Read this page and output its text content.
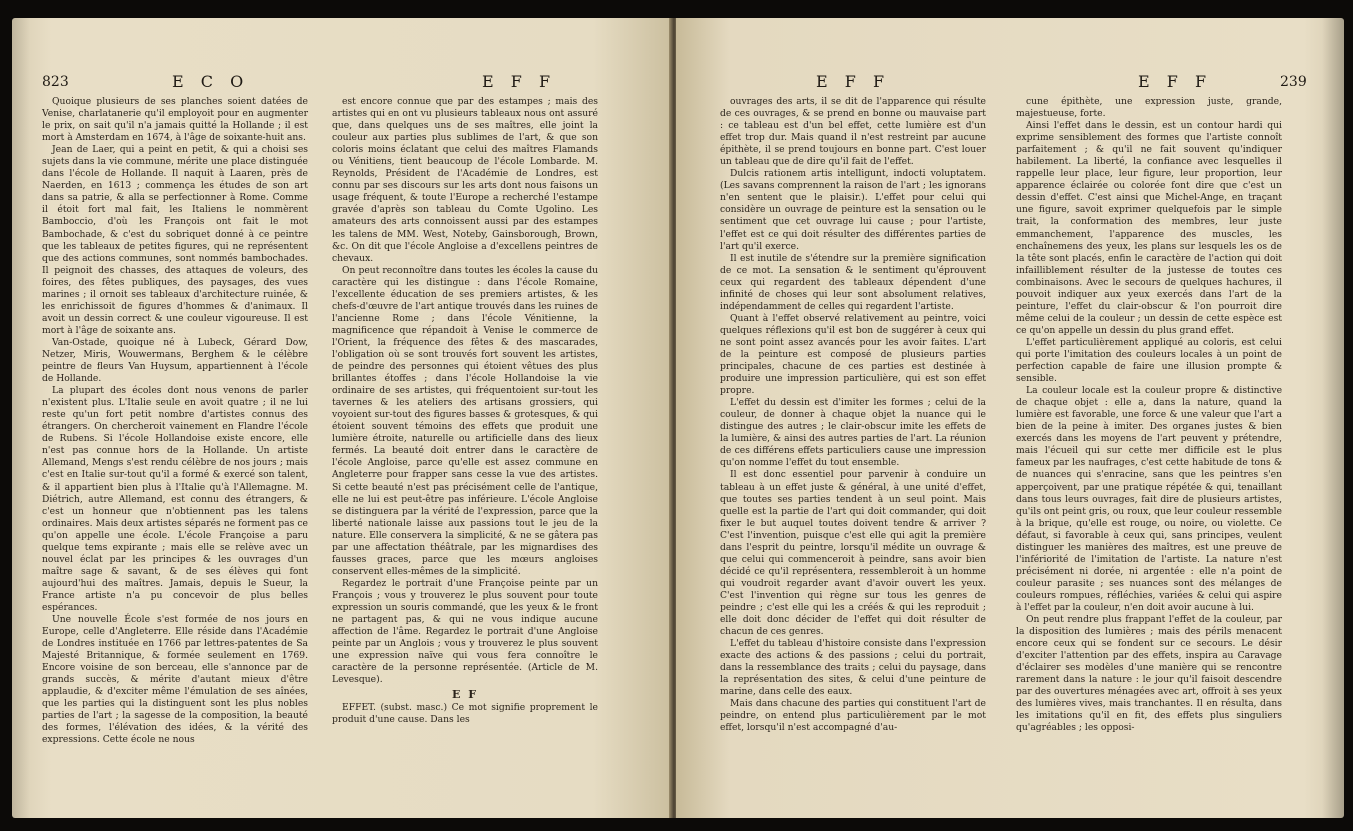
823	E C O	E F F

Quoique plusieurs de ses planches soient datées de Venise, charlatanerie qu'il employoit pour en augmenter le prix, on sait qu'il n'a jamais quitté la Hollande ; il est mort à Amsterdam en 1674, à l'âge de soixante-huit ans.

Jean de Laer, qui a peint en petit, & qui a choisi ses sujets dans la vie commune, mérite une place distinguée dans l'école de Hollande. Il naquit à Laaren, près de Naerden, en 1613 ; commença les études de son art dans sa patrie, & alla se perfectionner à Rome. Comme il étoit fort mal fait, les Italiens le nommèrent Bamboccio, d'où les François ont fait le mot Bambochade, & c'est du sobriquet donné à ce peintre que les tableaux de petites figures, qui ne représentent que des actions communes, sont nommés bambochades. Il peignoit des chasses, des attaques de voleurs, des foires, des fêtes publiques, des paysages, des vues marines ; il ornoit ses tableaux d'architecture ruinée, & les enrichissoit de figures d'hommes & d'animaux. Il avoit un dessin correct & une couleur vigoureuse. Il est mort à l'âge de soixante ans.

Van-Ostade, quoique né à Lubeck, Gérard Dow, Netzer, Miris, Wouwermans, Berghem & le célèbre peintre de fleurs Van Huysum, appartiennent à l'école de Hollande.

La plupart des écoles dont nous venons de parler n'existent plus. L'Italie seule en avoit quatre ; il ne lui reste qu'un fort petit nombre d'artistes connus des étrangers. On chercheroit vainement en Flandre l'école de Rubens. Si l'école Hollandoise existe encore, elle n'est pas connue hors de la Hollande. Un artiste Allemand, Mengs s'est rendu célèbre de nos jours ; mais c'est en Italie sur-tout qu'il a formé & exercé son talent, & il appartient bien plus à l'Italie qu'à l'Allemagne. M. Diétrich, autre Allemand, est connu des étrangers, & c'est un honneur que n'obtiennent pas les talens ordinaires. Mais deux artistes séparés ne forment pas ce qu'on appelle une école. L'école Françoise a paru quelque tems expirante ; mais elle se relève avec un nouvel éclat par les principes & les ouvrages d'un maître sage & savant, & de ses élèves qui font aujourd'hui des maîtres. Jamais, depuis le Sueur, la France artiste n'a pu concevoir de plus belles espérances.

Une nouvelle École s'est formée de nos jours en Europe, celle d'Angleterre. Elle réside dans l'Académie de Londres instituée en 1766 par lettres-patentes de Sa Majesté Britannique, & formée seulement en 1769. Encore voisine de son berceau, elle s'annonce par de grands succès, & mérite d'autant mieux d'être applaudie, & d'exciter même l'émulation de ses aînées, que les parties qui la distinguent sont les plus nobles parties de l'art ; la sagesse de la composition, la beauté des formes, l'élévation des idées, & la vérité des expressions. Cette école ne nous

est encore connue que par des estampes ; mais des artistes qui en ont vu plusieurs tableaux nous ont assuré que, dans quelques uns de ses maîtres, elle joint la couleur aux parties plus sublimes de l'art, & que son coloris moins éclatant que celui des maîtres Flamands ou Vénitiens, tient beaucoup de l'école Lombarde. M. Reynolds, Président de l'Académie de Londres, est connu par ses discours sur les arts dont nous faisons un usage fréquent, & toute l'Europe a recherché l'estampe gravée d'après son tableau du Comte Ugolino. Les amateurs des arts connoissent aussi par des estampes les talens de MM. West, Noteby, Gainsborough, Brown, &c. On dit que l'école Angloise a d'excellens peintres de chevaux.

On peut reconnoître dans toutes les écoles la cause du caractère qui les distingue : dans l'école Romaine, l'excellente éducation de ses premiers artistes, & les chefs-d'œuvre de l'art antique trouvés dans les ruines de l'ancienne Rome ; dans l'école Vénitienne, la magnificence que répandoit à Venise le commerce de l'Orient, la fréquence des fêtes & des mascarades, l'obligation où se sont trouvés fort souvent les artistes, de peindre des personnes qui étoient vêtues des plus brillantes étoffes ; dans l'école Hollandoise la vie ordinaire de ses artistes, qui fréquentoient sur-tout les tavernes & les ateliers des artisans grossiers, qui voyoient sur-tout des figures basses & grotesques, & qui étoient souvent témoins des effets que produit une lumière étroite, naturelle ou artificielle dans des lieux fermés. La beauté doit entrer dans le caractère de l'école Angloise, parce qu'elle est assez commune en Angleterre pour frapper sans cesse la vue des artistes. Si cette beauté n'est pas précisément celle de l'antique, elle ne lui est peut-être pas inférieure. L'école Angloise se distinguera par la vérité de l'expression, parce que la liberté nationale laisse aux passions tout le jeu de la nature. Elle conservera la simplicité, & ne se gâtera pas par une affectation théâtrale, par les mignardises des fausses graces, parce que les mœurs angloises conservent elles-mêmes de la simplicité.

Regardez le portrait d'une Françoise peinte par un François ; vous y trouverez le plus souvent pour toute expression un souris commandé, que les yeux & le front ne partagent pas, & qui ne vous indique aucune affection de l'âme. Regardez le portrait d'une Angloise peinte par un Anglois ; vous y trouverez le plus souvent une expression naïve qui vous fera connoître le caractère de la personne représentée. (Article de M. Levesque).

E F

EFFET. (subst. masc.) Ce mot signifie proprement le produit d'une cause. Dans les

E F F	E F F	239

ouvrages des arts, il se dit de l'apparence qui résulte de ces ouvrages, & se prend en bonne ou mauvaise part : ce tableau est d'un bel effet, cette lumière est d'un effet trop dur. Mais quand il n'est restreint par aucune épithète, il se prend toujours en bonne part. C'est louer un tableau que de dire qu'il fait de l'effet.

Dulcis rationem artis intelligunt, indocti voluptatem. (Les savans comprennent la raison de l'art ; les ignorans n'en sentent que le plaisir.). L'effet pour celui qui considère un ouvrage de peinture est la sensation ou le sentiment que cet ouvrage lui cause ; pour l'artiste, l'effet est ce qui doit résulter des différentes parties de l'art qu'il exerce.

Il est inutile de s'étendre sur la première signification de ce mot. La sensation & le sentiment qu'éprouvent ceux qui regardent des tableaux dépendent d'une infinité de choses qui leur sont absolument relatives, indépendamment de celles qui regardent l'artiste.

Quant à l'effet observé relativement au peintre, voici quelques réflexions qu'il est bon de suggérer à ceux qui ne sont point assez avancés pour les avoir faites. L'art de la peinture est composé de plusieurs parties principales, chacune de ces parties est destinée à produire une impression particulière, qui est son effet propre.

L'effet du dessin est d'imiter les formes ; celui de la couleur, de donner à chaque objet la nuance qui le distingue des autres ; le clair-obscur imite les effets de la lumière, & ainsi des autres parties de l'art. La réunion de ces différens effets particuliers cause une impression qu'on nomme l'effet du tout ensemble.

Il est donc essentiel pour parvenir à conduire un tableau à un effet juste & général, à une unité d'effet, que toutes ses parties tendent à un seul point. Mais quelle est la partie de l'art qui doit commander, qui doit fixer le but auquel toutes doivent tendre & arriver ? C'est l'invention, puisque c'est elle qui agit la première dans l'esprit du peintre, lorsqu'il médite un ouvrage & que celui qui commenceroit à peindre, sans avoir bien décidé ce qu'il représentera, ressembleroit à un homme qui voudroit regarder avant d'avoir ouvert les yeux. C'est l'invention qui règne sur tous les genres de peindre ; c'est elle qui les a créés & qui les reproduit ; elle doit donc décider de l'effet qui doit résulter de chacun de ces genres.

L'effet du tableau d'histoire consiste dans l'expression exacte des actions & des passions ; celui du portrait, dans la ressemblance des traits ; celui du paysage, dans la représentation des sites, & celui d'une peinture de marine, dans celle des eaux.

Mais dans chacune des parties qui constituent l'art de peindre, on entend plus particulièrement par le mot effet, lorsqu'il n'est accompagné d'au-

cune épithète, une expression juste, grande, majestueuse, forte.

Ainsi l'effet dans le dessin, est un contour hardi qui exprime sensiblement des formes que l'artiste connoît parfaitement ; & qu'il ne fait souvent qu'indiquer habilement. La liberté, la confiance avec lesquelles il rappelle leur place, leur figure, leur proportion, leur apparence éclairée ou colorée font dire que c'est un dessin d'effet. C'est ainsi que Michel-Ange, en traçant une figure, savoit exprimer quelquefois par le simple trait, la conformation des membres, leur juste emmanchement, l'apparence des muscles, les enchaînemens des yeux, les plans sur lesquels les os de la tête sont placés, enfin le caractère de l'action qui doit infailliblement résulter de la justesse de toutes ces combinaisons. Avec le secours de quelques hachures, il pouvoit indiquer aux yeux exercés dans l'art de la peinture, l'effet du clair-obscur & l'on pourroit dire même celui de la couleur ; un dessin de cette espèce est ce qu'on appelle un dessin du plus grand effet.

L'effet particulièrement appliqué au coloris, est celui qui porte l'imitation des couleurs locales à un point de perfection capable de faire une illusion prompte & sensible.

La couleur locale est la couleur propre & distinctive de chaque objet : elle a, dans la nature, quand la lumière est favorable, une force & une valeur que l'art a bien de la peine à imiter. Des organes justes & bien exercés dans les moyens de l'art peuvent y prétendre, mais l'écueil qui sur cette mer difficile est le plus fameux par les naufrages, c'est cette habitude de tons & de nuances qui s'enracine, sans que les peintres s'en apperçoivent, par une pratique répétée & qui, tenaillant dans tous leurs ouvrages, fait dire de plusieurs artistes, qu'ils ont peint gris, ou roux, que leur couleur ressemble à la brique, qu'elle est rouge, ou noire, ou violette. Ce défaut, si favorable à ceux qui, sans principes, veulent distinguer les manières des maîtres, est une preuve de l'infériorité de l'imitation de l'artiste. La nature n'est précisément ni dorée, ni argentée : elle n'a point de couleur parasite ; ses nuances sont des mélanges de couleurs rompues, réfléchies, variées & celui qui aspire à l'effet par la couleur, n'en doit avoir aucune à lui.

On peut rendre plus frappant l'effet de la couleur, par la disposition des lumières ; mais des périls menacent encore ceux qui se fondent sur ce secours. Le désir d'exciter l'attention par des effets, inspira au Caravage d'éclairer ses modèles d'une manière qui se rencontre rarement dans la nature : le jour qu'il faisoit descendre par des ouvertures ménagées avec art, offroit à ses yeux des lumières vives, mais tranchantes. Il en résulta, dans les imitations qu'il en fit, des effets plus singuliers qu'agréables ; les opposi-
